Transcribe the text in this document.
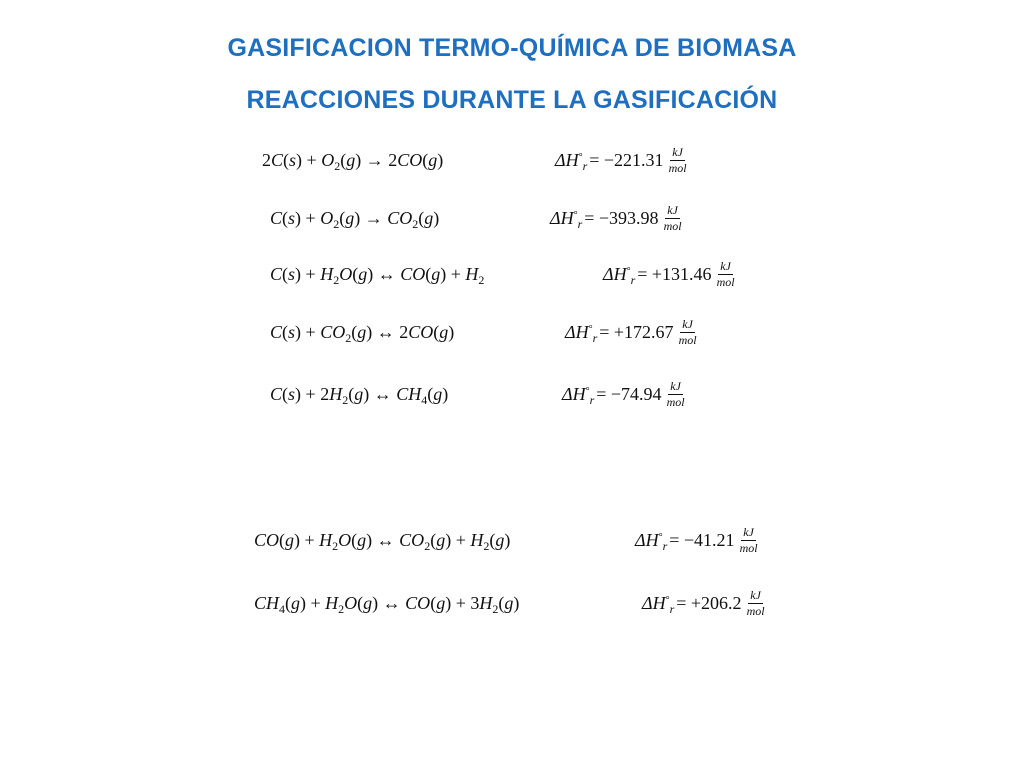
GASIFICACION TERMO-QUÍMICA DE BIOMASA
REACCIONES DURANTE LA GASIFICACIÓN
$2C(s) + O_2(g) \to 2CO(g)$	$\Delta H^\circ_r = -221.31 \frac{kJ}{\text{mol}}$
$C(s) + O_2(g) \to CO_2(g)$	$\Delta H^\circ_r = -393.98 \frac{kJ}{\text{mol}}$
$C(s) + H_2O(g)$ ↔ $CO(g) + H_2$	$\Delta H^\circ_r = +131.46 \frac{kJ}{\text{mol}}$
$C(s) + CO_2(g)$ ↔ 2CO(g)	$\Delta H^\circ_r = +172.67 \frac{kJ}{\text{mol}}$
$C(s) + 2H_2(g)$ ↔ $CH_4(g)$	$\Delta H^\circ_r = -74.94 \frac{kJ}{\text{mol}}$
$CO(g) + H_2O(g)$ ↔ $CO_2(g) + H_2(g)$	$\Delta H^\circ_r = -41.21 \frac{kJ}{\text{mol}}$
$CH_4(g) + H_2O(g)$ ↔ $CO(g) + 3H_2(g)$	$\Delta H^\circ_r = +206.2 \frac{kJ}{\text{mol}}$
